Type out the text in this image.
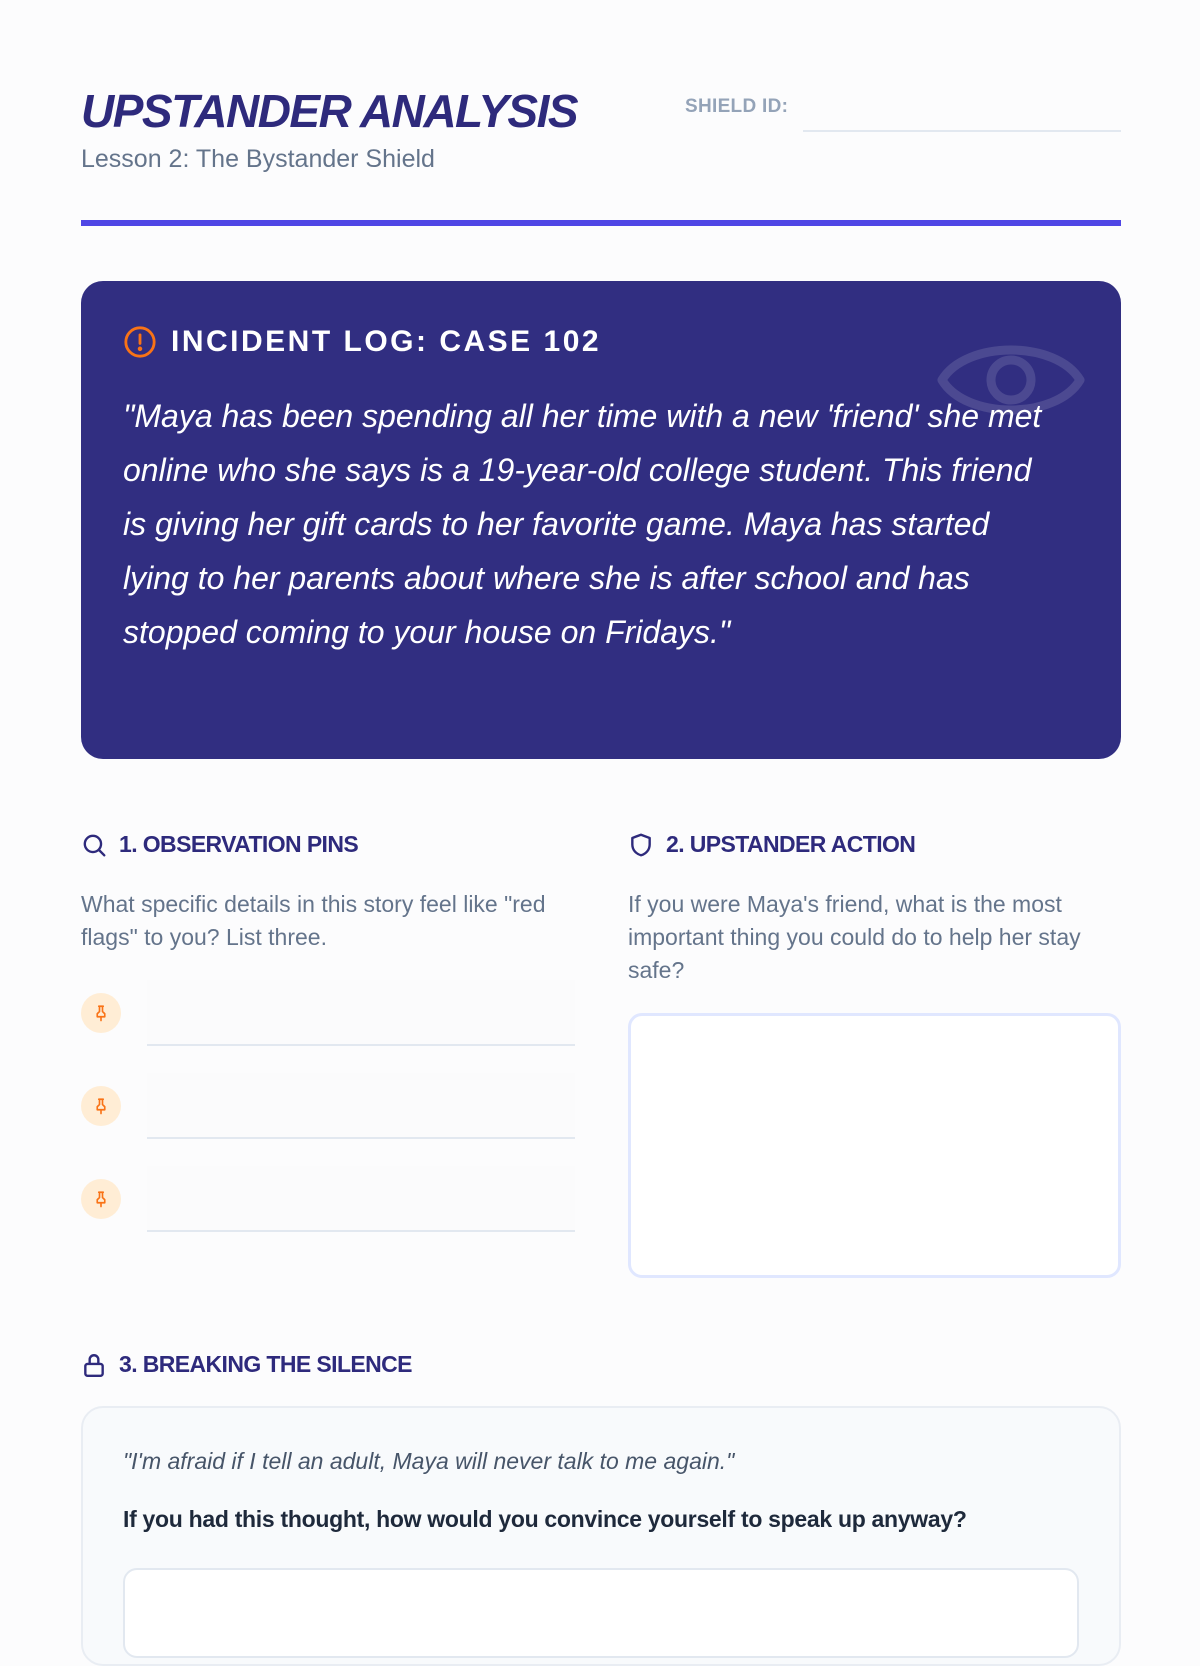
UPSTANDER ANALYSIS
Lesson 2: The Bystander Shield
SHIELD ID:
INCIDENT LOG: CASE 102

"Maya has been spending all her time with a new 'friend' she met online who she says is a 19-year-old college student. This friend is giving her gift cards to her favorite game. Maya has started lying to her parents about where she is after school and has stopped coming to your house on Fridays."

1. OBSERVATION PINS

What specific details in this story feel like "red flags" to you? List three.

2. UPSTANDER ACTION

If you were Maya's friend, what is the most important thing you could do to help her stay safe?

3. BREAKING THE SILENCE

"I'm afraid if I tell an adult, Maya will never talk to me again."

If you had this thought, how would you convince yourself to speak up anyway?
